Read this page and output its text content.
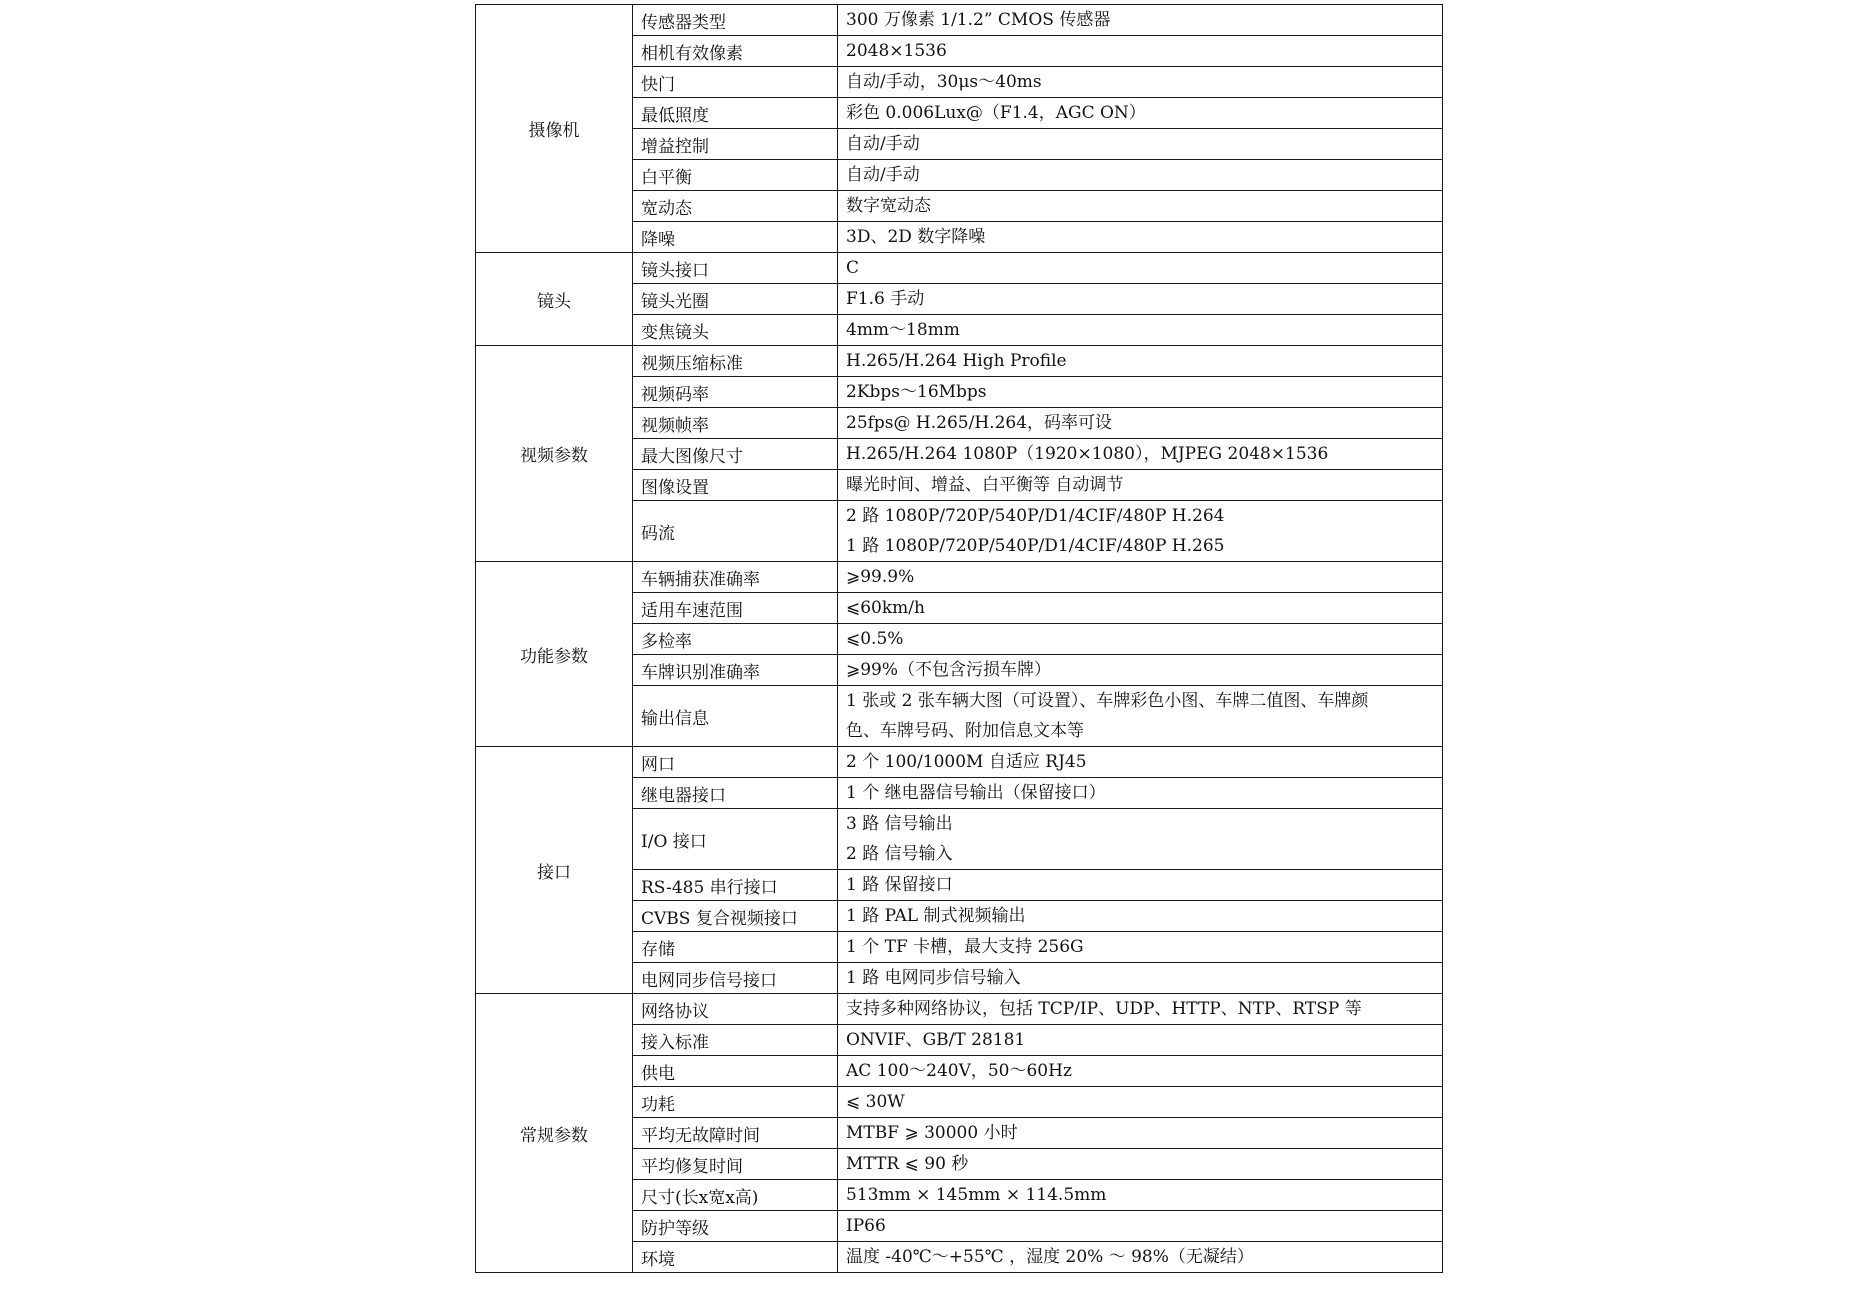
摄像机	传感器类型	300 万像素 1/1.2” CMOS 传感器

	相机有效像素	2048×1536

	快门	自动/手动，30μs～40ms

	最低照度	彩色 0.006Lux@（F1.4，AGC ON）

	增益控制	自动/手动

	白平衡	自动/手动

	宽动态	数字宽动态

	降噪	3D、2D 数字降噪

镜头	镜头接口	C

	镜头光圈	F1.6 手动

	变焦镜头	4mm～18mm

视频参数	视频压缩标准	H.265/H.264 High Profile

	视频码率	2Kbps～16Mbps

	视频帧率	25fps@ H.265/H.264，码率可设

	最大图像尺寸	H.265/H.264 1080P（1920×1080），MJPEG 2048×1536

	图像设置	曝光时间、增益、白平衡等 自动调节

	码流	2 路 1080P/720P/540P/D1/4CIF/480P H.264
1 路 1080P/720P/540P/D1/4CIF/480P H.265

功能参数	车辆捕获准确率	⩾99.9%

	适用车速范围	⩽60km/h

	多检率	⩽0.5%

	车牌识别准确率	⩾99%（不包含污损车牌）

	输出信息	1 张或 2 张车辆大图（可设置）、车牌彩色小图、车牌二值图、车牌颜
色、车牌号码、附加信息文本等

接口	网口	2 个 100/1000M 自适应 RJ45

	继电器接口	1 个 继电器信号输出（保留接口）

	I/O 接口	3 路 信号输出
2 路 信号输入

	RS-485 串行接口	1 路 保留接口

	CVBS 复合视频接口	1 路 PAL 制式视频输出

	存储	1 个 TF 卡槽，最大支持 256G

	电网同步信号接口	1 路 电网同步信号输入

常规参数	网络协议	支持多种网络协议，包括 TCP/IP、UDP、HTTP、NTP、RTSP 等

	接入标准	ONVIF、GB/T 28181

	供电	AC 100～240V，50～60Hz

	功耗	⩽ 30W

	平均无故障时间	MTBF ⩾ 30000 小时

	平均修复时间	MTTR ⩽ 90 秒

	尺寸(长x宽x高)	513mm × 145mm × 114.5mm

	防护等级	IP66

	环境	温度 -40℃～+55℃ ，湿度 20% ～ 98%（无凝结）
